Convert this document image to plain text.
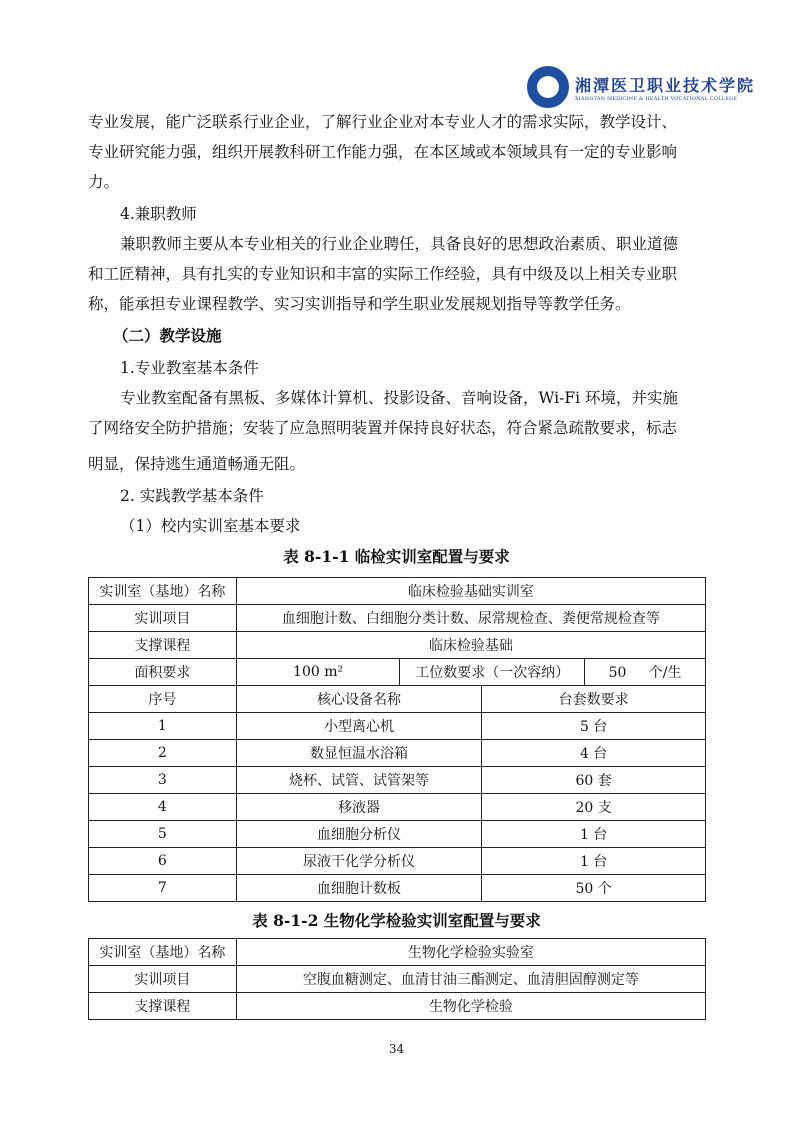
湘潭医卫职业技术学院
XIANGTAN MEDICINE & HEALTH VOCATIONAL COLLEGE
专业发展，能广泛联系行业企业，了解行业企业对本专业人才的需求实际，教学设计、
专业研究能力强，组织开展教科研工作能力强，在本区域或本领域具有一定的专业影响
力。
4.兼职教师
兼职教师主要从本专业相关的行业企业聘任，具备良好的思想政治素质、职业道德
和工匠精神，具有扎实的专业知识和丰富的实际工作经验，具有中级及以上相关专业职
称，能承担专业课程教学、实习实训指导和学生职业发展规划指导等教学任务。
（二）教学设施
1.专业教室基本条件
专业教室配备有黑板、多媒体计算机、投影设备、音响设备，Wi-Fi 环境，并实施
了网络安全防护措施；安装了应急照明装置并保持良好状态，符合紧急疏散要求，标志
明显，保持逃生通道畅通无阻。
2. 实践教学基本条件
（1）校内实训室基本要求
表 8-1-1 临检实训室配置与要求
实训室（基地）名称	临床检验基础实训室			
实训项目	血细胞计数、白细胞分类计数、尿常规检查、粪便常规检查等			
支撑课程	临床检验基础			
面积要求	100 m²	工位数要求（一次容纳）		50 个/生
序号	核心设备名称		台套数要求	
1	小型离心机		5 台	
2	数显恒温水浴箱		4 台	
3	烧杯、试管、试管架等		60 套	
4	移液器		20 支	
5	血细胞分析仪		1 台	
6	尿液干化学分析仪		1 台	
7	血细胞计数板		50 个	
表 8-1-2 生物化学检验实训室配置与要求
实训室（基地）名称	生物化学检验实验室
实训项目	空腹血糖测定、血清甘油三酯测定、血清胆固醇测定等
支撑课程	生物化学检验
34
